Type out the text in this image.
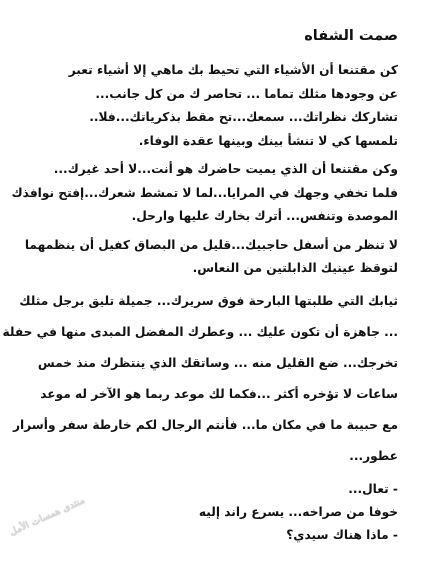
صمت الشفاه
كن مقتنعا أن الأشياء التي تحيط بك ماهي إلا أشياء تعبر
عن وجودها مثلك تماما ... تحاصر ك من كل جانب...
تشاركك نظراتك... سمعك...تح مقط بذكرياتك...فلا..
تلمسها كي لا تنشأ بينك وبينها عقدة الوفاء.
وكن مقتنعا أن الذي يميت حاضرك هو أنت...لا أحد غيرك...
فلما تخفي وجهك في المرايا...لما لا تمشط شعرك...إفتح نوافذك
الموصدة وتنفس... أترك بخارك عليها وارحل.
لا تنظر من أسفل حاجبيك...قليل من البصاق كفيل أن ينظمهما
لتوقظ عينيك الذابلتين من النعاس.
ثيابك التي طلبتها البارحة فوق سريرك... جميلة تليق برجل مثلك
... جاهزة أن تكون عليك ... وعطرك المفضل المبدى منها في حفلة
تخرجك... ضع القليل منه ... وساتقك الذي ينتظرك منذ خمس
ساعات لا تؤخره أكثر ...فكما لك موعد ربما هو الآخر له موعد
مع حبيبة ما في مكان ما... فأنتم الرجال لكم خارطة سفر وأسرار
عطور...
- تعال...
خوفا من صراخه... يسرع راند إليه
- ماذا هناك سيدي؟
منتدى همسات الأمل
